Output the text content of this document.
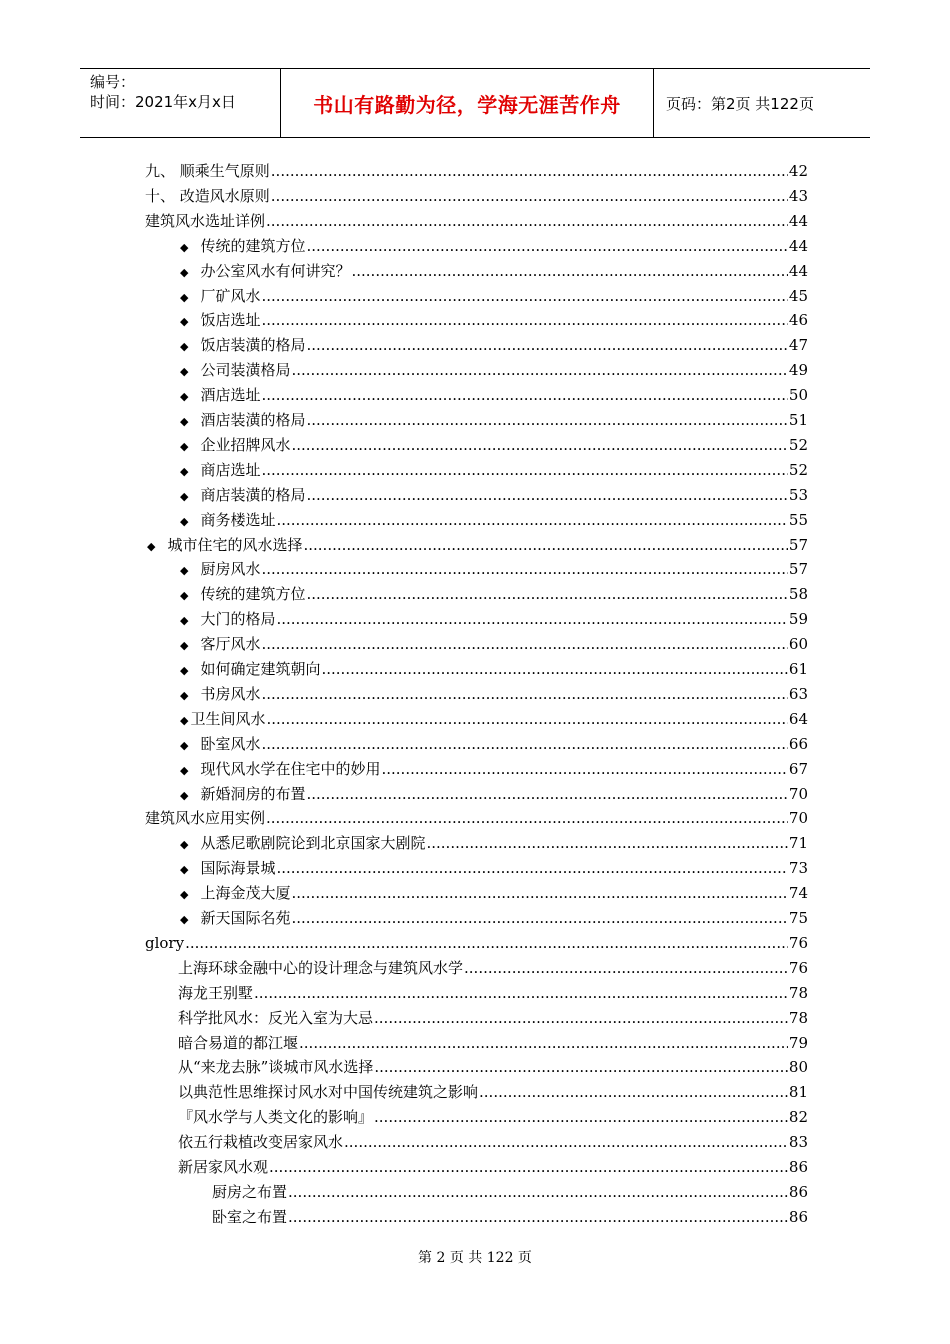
编号：
时间：2021年x月x日	书山有路勤为径，学海无涯苦作舟	页码：第2页 共122页
九、 顺乘生气原则 .....	42
十、 改造风水原则 .....	43
建筑风水选址详例 .....	44
◆ 传统的建筑方位 .....	44
◆ 办公室风水有何讲究？ .....	44
◆ 厂矿风水 .....	45
◆ 饭店选址 .....	46
◆ 饭店装潢的格局 .....	47
◆ 公司装潢格局 .....	49
◆ 酒店选址 .....	50
◆ 酒店装潢的格局 .....	51
◆ 企业招牌风水 .....	52
◆ 商店选址 .....	52
◆ 商店装潢的格局 .....	53
◆ 商务楼选址 .....	55
◆ 城市住宅的风水选择 .....	57
◆ 厨房风水 .....	57
◆ 传统的建筑方位 .....	58
◆ 大门的格局 .....	59
◆ 客厅风水 .....	60
◆ 如何确定建筑朝向 .....	61
◆ 书房风水 .....	63
◆ 卫生间风水 .....	64
◆ 卧室风水 .....	66
◆ 现代风水学在住宅中的妙用 .....	67
◆ 新婚洞房的布置 .....	70
建筑风水应用实例 .....	70
◆ 从悉尼歌剧院论到北京国家大剧院 .....	71
◆ 国际海景城 .....	73
◆ 上海金茂大厦 .....	74
◆ 新天国际名苑 .....	75
glory .....	76
上海环球金融中心的设计理念与建筑风水学 .....	76
海龙王别墅 .....	78
科学批风水：反光入室为大忌 .....	78
暗合易道的都江堰 .....	79
从“来龙去脉”谈城市风水选择 .....	80
以典范性思维探讨风水对中国传统建筑之影响 .....	81
『风水学与人类文化的影响』 .....	82
依五行栽植改变居家风水 .....	83
新居家风水观 .....	86
厨房之布置 .....	86
卧室之布置 .....	86
第 2 页 共 122 页
